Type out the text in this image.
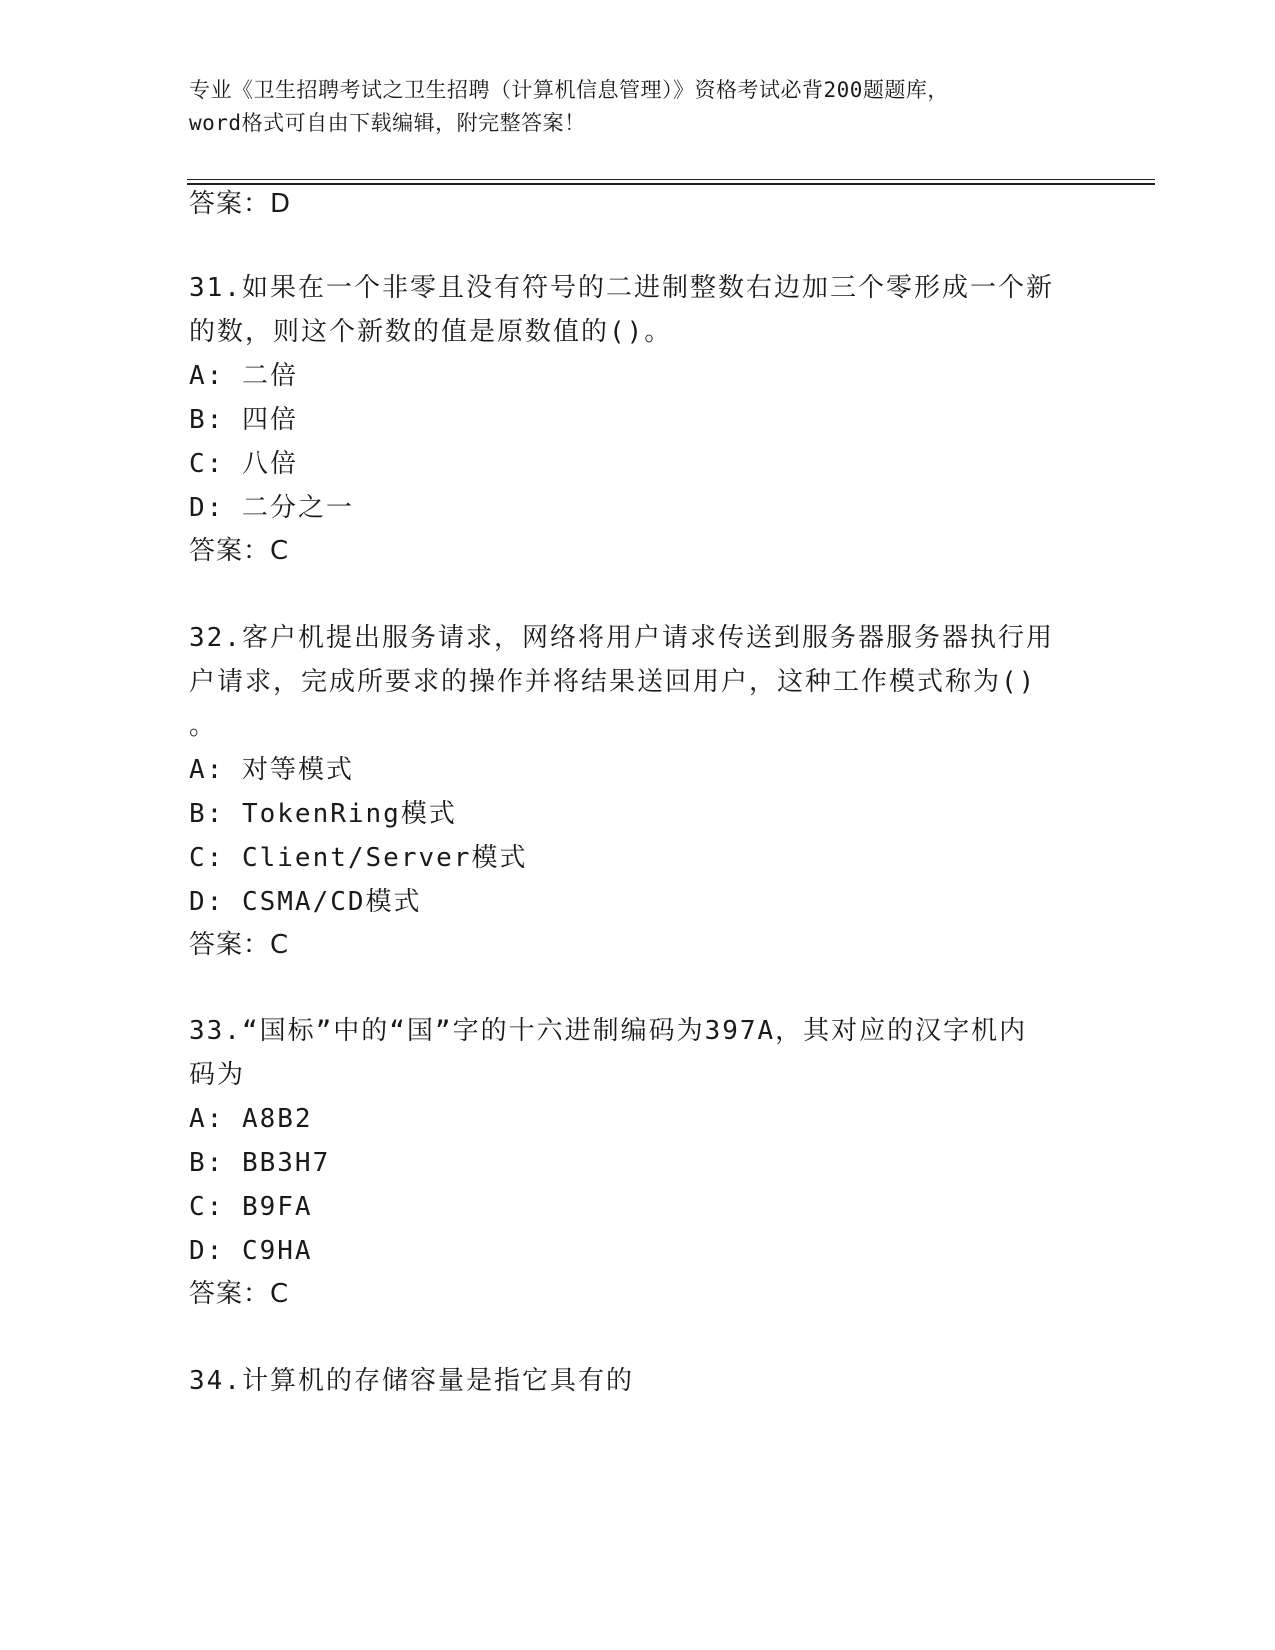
专业《卫生招聘考试之卫生招聘（计算机信息管理）》资格考试必背200题题库，
word格式可自由下载编辑，附完整答案！
答案：D
31.如果在一个非零且没有符号的二进制整数右边加三个零形成一个新
的数，则这个新数的值是原数值的()。
A: 二倍
B: 四倍
C: 八倍
D: 二分之一
答案：C
32.客户机提出服务请求，网络将用户请求传送到服务器服务器执行用
户请求，完成所要求的操作并将结果送回用户，这种工作模式称为()
。
A: 对等模式
B: TokenRing模式
C: Client/Server模式
D: CSMA/CD模式
答案：C
33.“国标”中的“国”字的十六进制编码为397A，其对应的汉字机内
码为
A: A8B2
B: BB3H7
C: B9FA
D: C9HA
答案：C
34.计算机的存储容量是指它具有的
